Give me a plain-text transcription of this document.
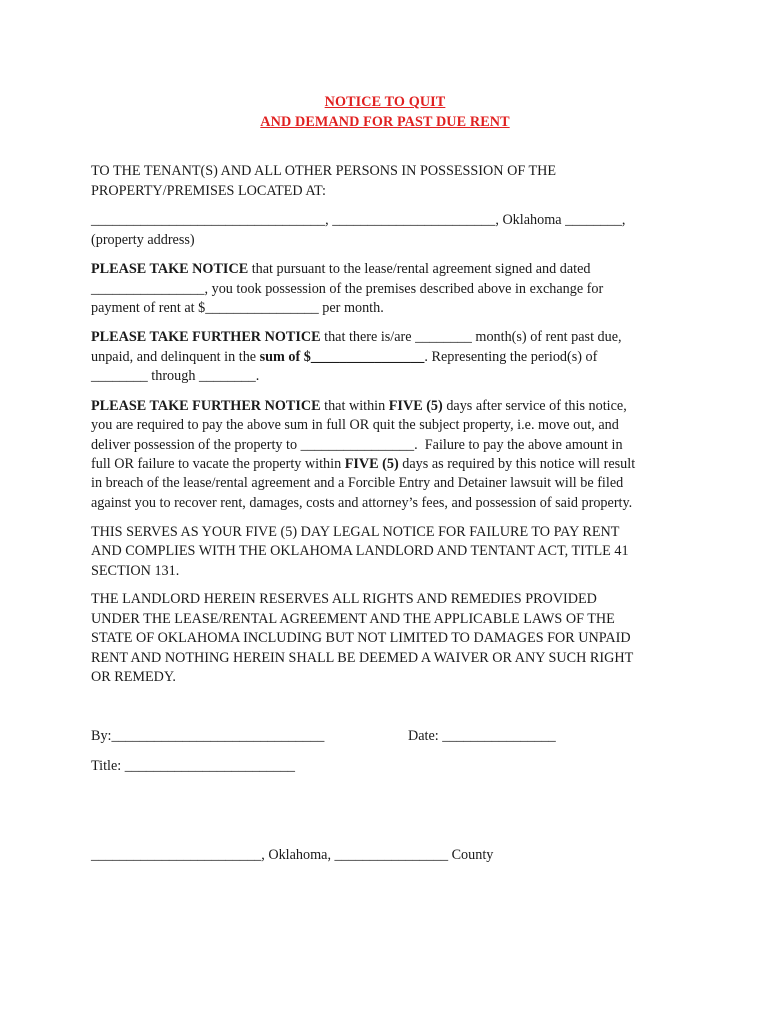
NOTICE TO QUIT
AND DEMAND FOR PAST DUE RENT
TO THE TENANT(S) AND ALL OTHER PERSONS IN POSSESSION OF THE
PROPERTY/PREMISES LOCATED AT:
_________________________________, _______________________, Oklahoma ________,
(property address)
PLEASE TAKE NOTICE that pursuant to the lease/rental agreement signed and dated
________________, you took possession of the premises described above in exchange for
payment of rent at $________________ per month.
PLEASE TAKE FURTHER NOTICE that there is/are ________ month(s) of rent past due,
unpaid, and delinquent in the sum of $________________. Representing the period(s) of
________ through ________.
PLEASE TAKE FURTHER NOTICE that within FIVE (5) days after service of this notice,
you are required to pay the above sum in full OR quit the subject property, i.e. move out, and
deliver possession of the property to ________________.  Failure to pay the above amount in
full OR failure to vacate the property within FIVE (5) days as required by this notice will result
in breach of the lease/rental agreement and a Forcible Entry and Detainer lawsuit will be filed
against you to recover rent, damages, costs and attorney’s fees, and possession of said property.
THIS SERVES AS YOUR FIVE (5) DAY LEGAL NOTICE FOR FAILURE TO PAY RENT
AND COMPLIES WITH THE OKLAHOMA LANDLORD AND TENTANT ACT, TITLE 41
SECTION 131.
THE LANDLORD HEREIN RESERVES ALL RIGHTS AND REMEDIES PROVIDED
UNDER THE LEASE/RENTAL AGREEMENT AND THE APPLICABLE LAWS OF THE
STATE OF OKLAHOMA INCLUDING BUT NOT LIMITED TO DAMAGES FOR UNPAID
RENT AND NOTHING HEREIN SHALL BE DEEMED A WAIVER OR ANY SUCH RIGHT
OR REMEDY.
By:______________________________	Date: ________________
Title: ________________________
________________________, Oklahoma, ________________ County
